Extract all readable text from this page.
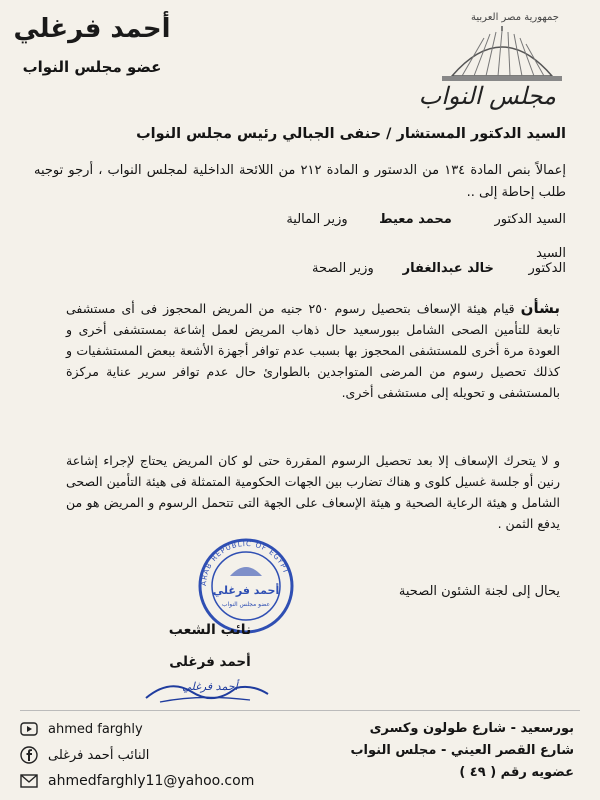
أحمد فرغلي
عضو مجلس النواب
جمهورية مصر العربية
مجلس النواب
السيد الدكتور المستشار / حنفى الجبالي رئيس مجلس النواب
إعمالاً بنص المادة ١٣٤ من الدستور و المادة ٢١٢ من اللائحة الداخلية لمجلس النواب ، أرجو توجيه طلب إحاطة إلى ..
السيد الدكتور محمد معيط وزير المالية
السيد الدكتور خالد عبدالغفار وزير الصحة
بشأن قيام هيئة الإسعاف بتحصيل رسوم ٢٥٠ جنيه من المريض المحجوز فى أى مستشفى تابعة للتأمين الصحى الشامل ببورسعيد حال ذهاب المريض لعمل إشاعة بمستشفى أخرى و العودة مرة أخرى للمستشفى المحجوز بها بسبب عدم توافر أجهزة الأشعة ببعض المستشفيات و كذلك تحصيل رسوم من المرضى المتواجدين بالطوارئ حال عدم توافر سرير عناية مركزة بالمستشفى و تحويله إلى مستشفى أخرى.
و لا يتحرك الإسعاف إلا بعد تحصيل الرسوم المقررة حتى لو كان المريض يحتاج لإجراء إشاعة رنين أو جلسة غسيل كلوى و هناك تضارب بين الجهات الحكومية المتمثلة فى هيئة التأمين الصحى الشامل و هيئة الرعاية الصحية و هيئة الإسعاف على الجهة التى تتحمل الرسوم و المريض هو من يدفع الثمن .
يحال إلى لجنة الشئون الصحية
ARAB REPUBLIC OF EGYPT
أحمد فرغلي
عضو مجلس النواب
نائب الشعب
أحمد فرغلى
أحمد فرغلي
ahmed farghly
النائب أحمد فرغلى
ahmedfarghly11@yahoo.com
بورسعيد - شارع طولون وكسرى
شارع القصر العيني - مجلس النواب
عضويه رقم ( ٤٩ )
